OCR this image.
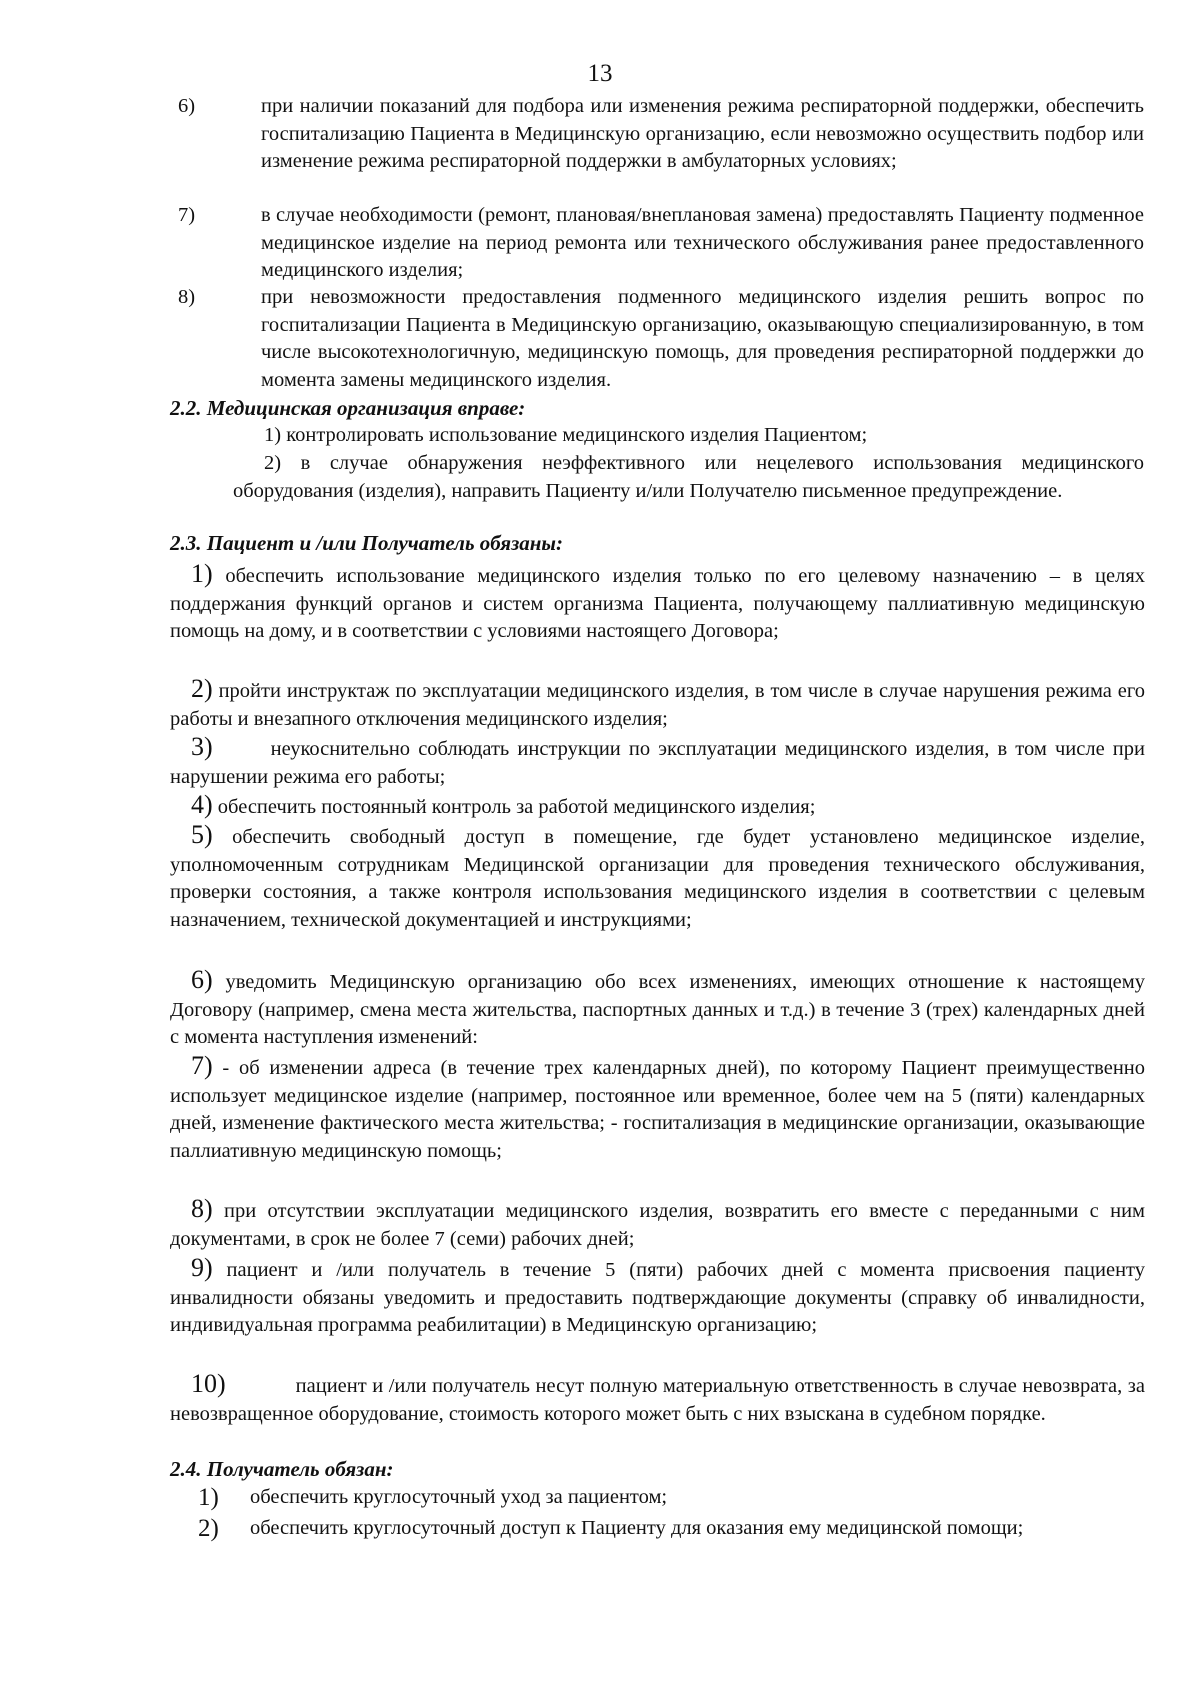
13
6)	при наличии показаний для подбора или изменения режима респираторной поддержки, обеспечить госпитализацию Пациента в Медицинскую организацию, если невозможно осуществить подбор или изменение режима респираторной поддержки в амбулаторных условиях;
7)	в случае необходимости (ремонт, плановая/внеплановая замена) предоставлять Пациенту подменное медицинское изделие на период ремонта или технического обслуживания ранее предоставленного медицинского изделия;
8)	при невозможности предоставления подменного медицинского изделия решить вопрос по госпитализации Пациента в Медицинскую организацию, оказывающую специализированную, в том числе высокотехнологичную, медицинскую помощь, для проведения респираторной поддержки до момента замены медицинского изделия.
2.2. Медицинская организация вправе:
1) контролировать использование медицинского изделия Пациентом;
2) в случае обнаружения неэффективного или нецелевого использования медицинского оборудования (изделия), направить Пациенту и/или Получателю письменное предупреждение.
2.3. Пациент и /или Получатель обязаны:
1) обеспечить использование медицинского изделия только по его целевому назначению – в целях поддержания функций органов и систем организма Пациента, получающему паллиативную медицинскую помощь на дому, и в соответствии с условиями настоящего Договора;
2) пройти инструктаж по эксплуатации медицинского изделия, в том числе в случае нарушения режима его работы и внезапного отключения медицинского изделия;
3)	неукоснительно соблюдать инструкции по эксплуатации медицинского изделия, в том числе при нарушении режима его работы;
4) обеспечить постоянный контроль за работой медицинского изделия;
5) обеспечить свободный доступ в помещение, где будет установлено медицинское изделие, уполномоченным сотрудникам Медицинской организации для проведения технического обслуживания, проверки состояния, а также контроля использования медицинского изделия в соответствии с целевым назначением, технической документацией и инструкциями;
6) уведомить Медицинскую организацию обо всех изменениях, имеющих отношение к настоящему Договору (например, смена места жительства, паспортных данных и т.д.) в течение 3 (трех) календарных дней с момента наступления изменений:
7) - об изменении адреса (в течение трех календарных дней), по которому Пациент преимущественно использует медицинское изделие (например, постоянное или временное, более чем на 5 (пяти) календарных дней, изменение фактического места жительства; - госпитализация в медицинские организации, оказывающие паллиативную медицинскую помощь;
8) при отсутствии эксплуатации медицинского изделия, возвратить его вместе с переданными с ним документами, в срок не более 7 (семи) рабочих дней;
9) пациент и /или получатель в течение 5 (пяти) рабочих дней с момента присвоения пациенту инвалидности обязаны уведомить и предоставить подтверждающие документы (справку об инвалидности, индивидуальная программа реабилитации) в Медицинскую организацию;
10)	пациент и /или получатель несут полную материальную ответственность в случае невозврата, за невозвращенное оборудование, стоимость которого может быть с них взыскана в судебном порядке.
2.4. Получатель обязан:
1) обеспечить круглосуточный уход за пациентом;
2) обеспечить круглосуточный доступ к Пациенту для оказания ему медицинской помощи;
